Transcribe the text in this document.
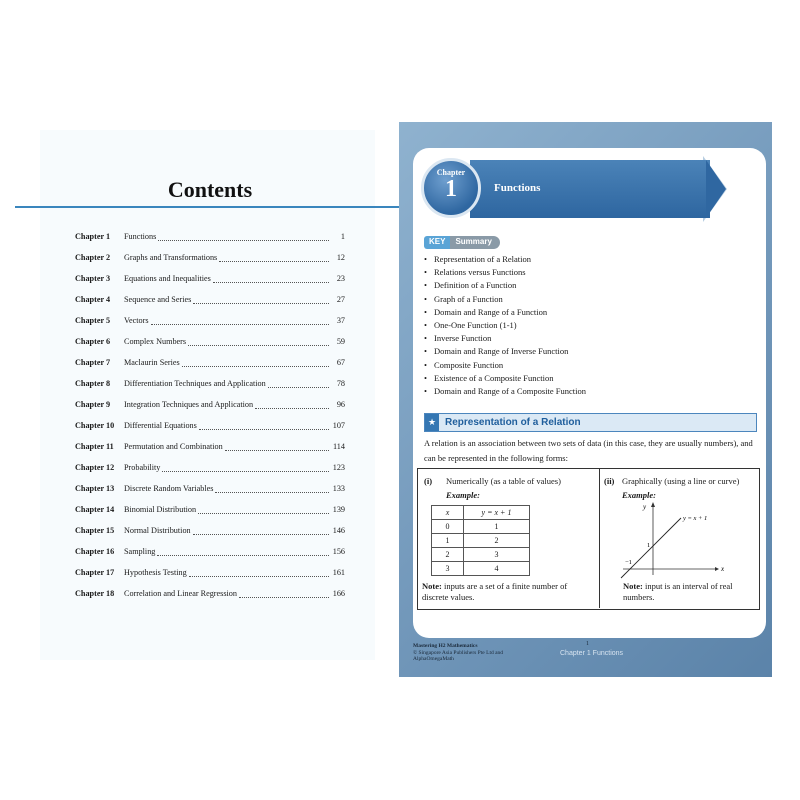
Contents
Chapter 1	Functions	1
Chapter 2	Graphs and Transformations	12
Chapter 3	Equations and Inequalities	23
Chapter 4	Sequence and Series	27
Chapter 5	Vectors	37
Chapter 6	Complex Numbers	59
Chapter 7	Maclaurin Series	67
Chapter 8	Differentiation Techniques and Application	78
Chapter 9	Integration Techniques and Application	96
Chapter 10	Differential Equations	107
Chapter 11	Permutation and Combination	114
Chapter 12	Probability	123
Chapter 13	Discrete Random Variables	133
Chapter 14	Binomial Distribution	139
Chapter 15	Normal Distribution	146
Chapter 16	Sampling	156
Chapter 17	Hypothesis Testing	161
Chapter 18	Correlation and Linear Regression	166
Chapter
1	Functions
KEY	Summary
• Representation of a Relation
• Relations versus Functions
• Definition of a Function
• Graph of a Function
• Domain and Range of a Function
• One-One Function (1-1)
• Inverse Function
• Domain and Range of Inverse Function
• Composite Function
• Existence of a Composite Function
• Domain and Range of a Composite Function
★ Representation of a Relation

A relation is an association between two sets of data (in this case, they are usually numbers), and can be represented in the following forms:

(i) Numerically (as a table of values)
Example:
x	y = x + 1
0	1
1	2
2	3
3	4
Note: inputs are a set of a finite number of discrete values.
(ii) Graphically (using a line or curve)
Example:
y = x + 1
x
y
1
−1
Note: input is an interval of real numbers.
Mastering H2 Mathematics
© Singapore Asia Publishers Pte Ltd and
AlphaOmegaMath
1
Chapter 1 Functions
